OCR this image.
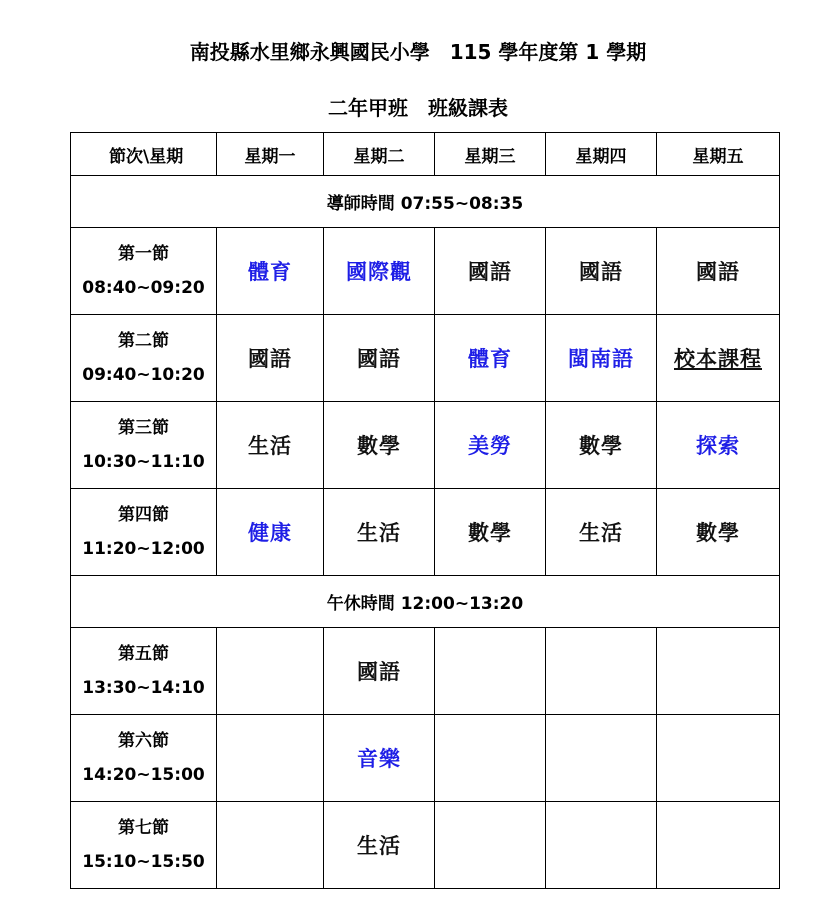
南投縣水里鄉永興國民小學　115 學年度第 1 學期
二年甲班　班級課表
節次\星期	星期一	星期二	星期三	星期四	星期五
導師時間 07:55~08:35					

第一節
08:40~09:20	體育	國際觀	國語	國語	國語

第二節
09:40~10:20	國語	國語	體育	閩南語	校本課程

第三節
10:30~11:10	生活	數學	美勞	數學	探索

第四節
11:20~12:00	健康	生活	數學	生活	數學
午休時間 12:00~13:20					

第五節
13:30~14:10		國語			

第六節
14:20~15:00		音樂			

第七節
15:10~15:50		生活			
